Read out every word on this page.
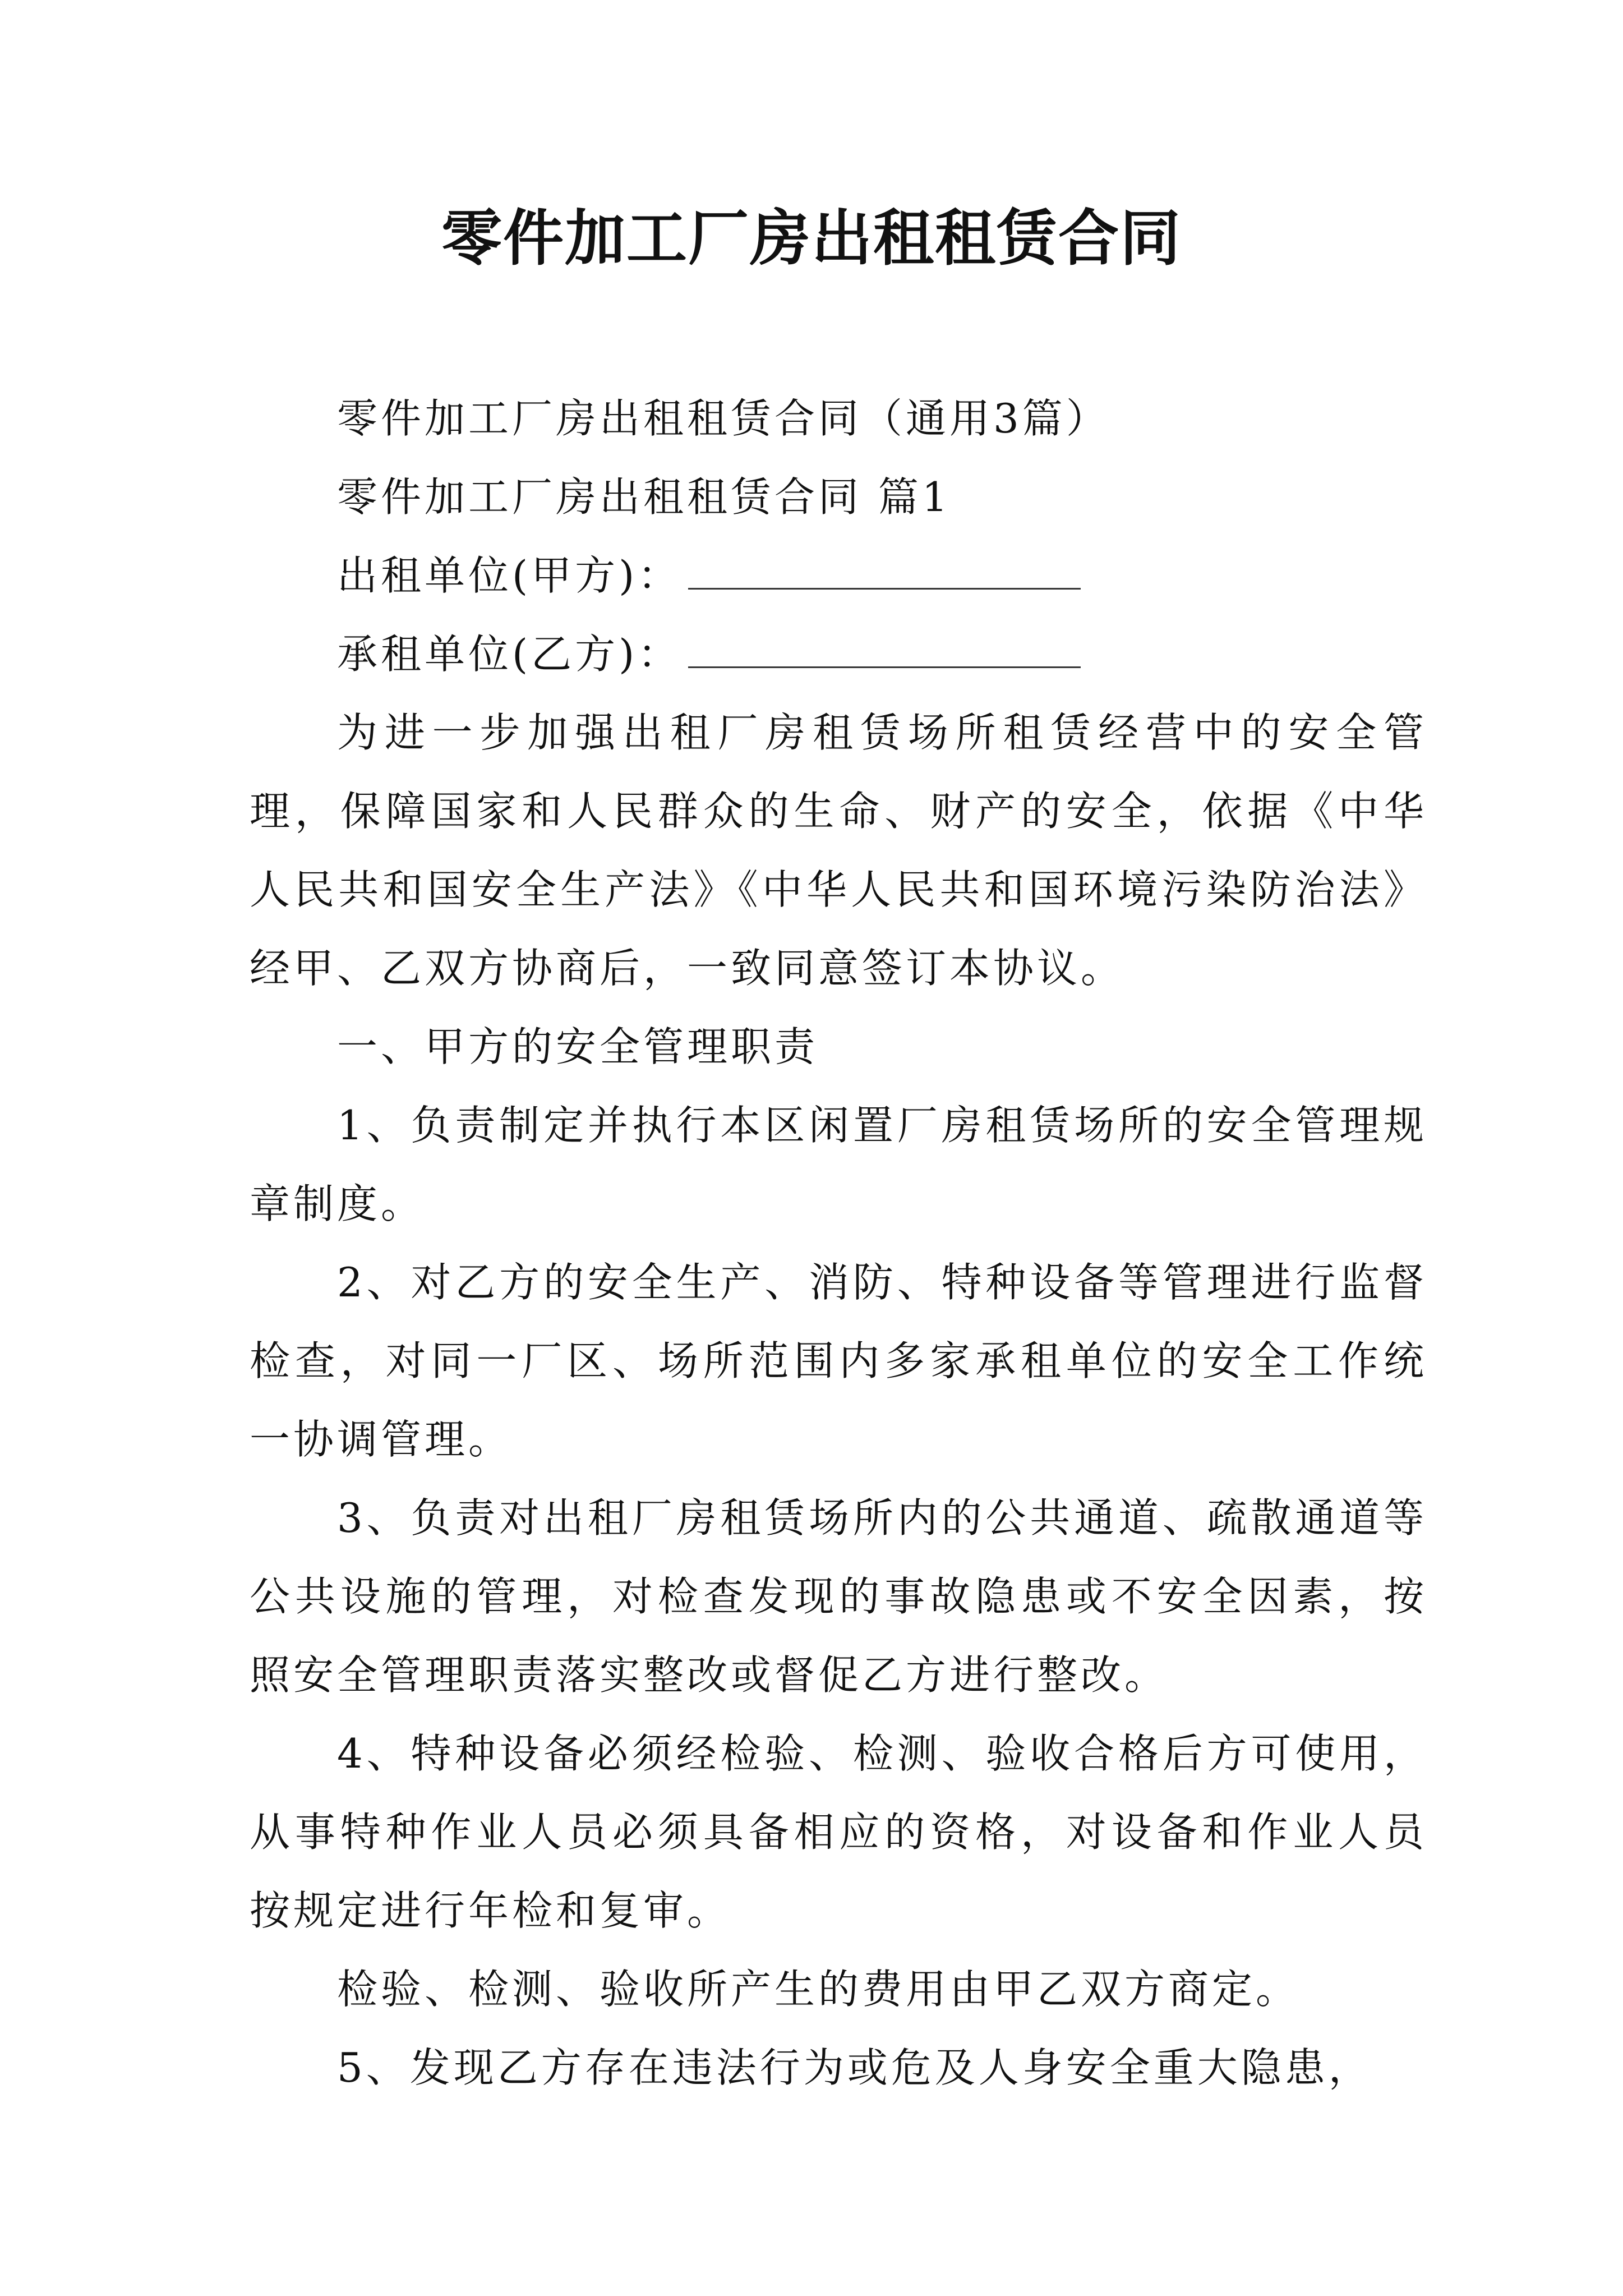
零件加工厂房出租租赁合同
零件加工厂房出租租赁合同（通用3篇）
零件加工厂房出租租赁合同 篇1
出租单位(甲方)：
承租单位(乙方)：
为进一步加强出租厂房租赁场所租赁经营中的安全管理，保障国家和人民群众的生命、财产的安全，依据《中华人民共和国安全生产法》《中华人民共和国环境污染防治法》经甲、乙双方协商后，一致同意签订本协议。
一、甲方的安全管理职责
1、负责制定并执行本区闲置厂房租赁场所的安全管理规章制度。
2、对乙方的安全生产、消防、特种设备等管理进行监督检查，对同一厂区、场所范围内多家承租单位的安全工作统一协调管理。
3、负责对出租厂房租赁场所内的公共通道、疏散通道等公共设施的管理，对检查发现的事故隐患或不安全因素，按照安全管理职责落实整改或督促乙方进行整改。
4、特种设备必须经检验、检测、验收合格后方可使用，从事特种作业人员必须具备相应的资格，对设备和作业人员按规定进行年检和复审。
检验、检测、验收所产生的费用由甲乙双方商定。
5、发现乙方存在违法行为或危及人身安全重大隐患，
